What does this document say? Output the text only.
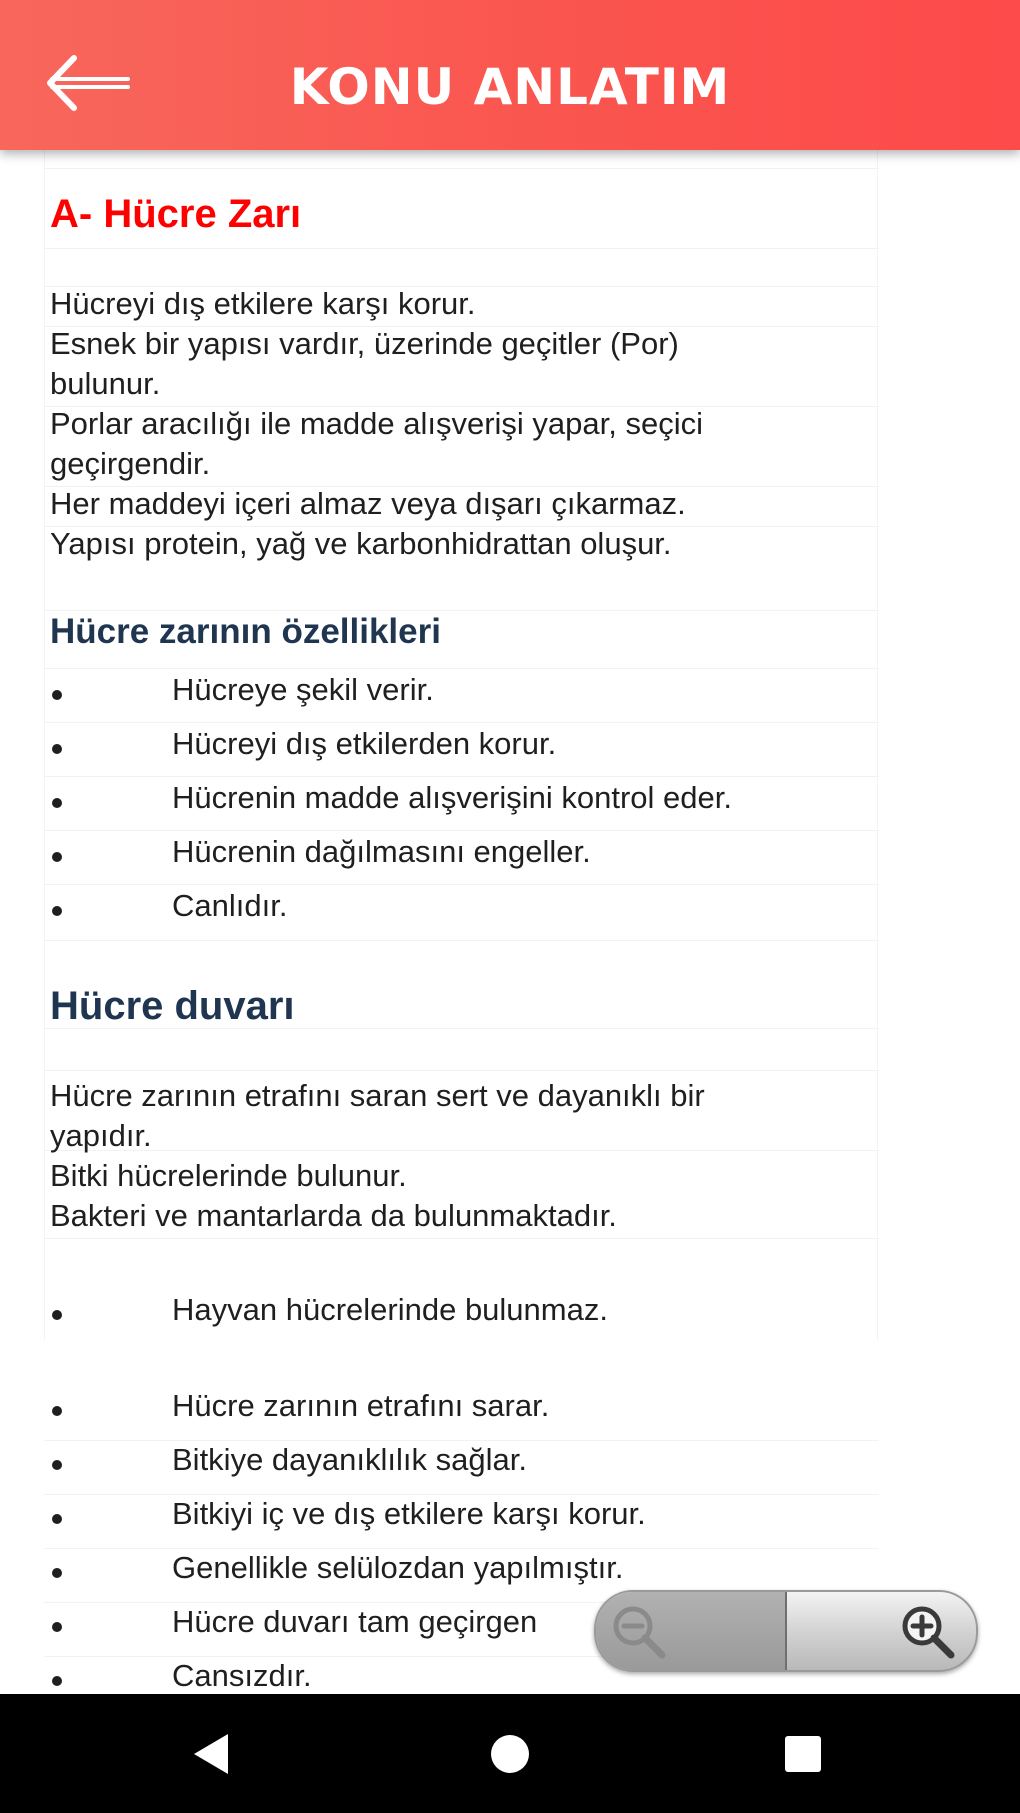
KONU ANLATIM
A- Hücre Zarı
Hücreyi dış etkilere karşı korur.
Esnek bir yapısı vardır, üzerinde geçitler (Por)
bulunur.
Porlar aracılığı ile madde alışverişi yapar, seçici
geçirgendir.
Her maddeyi içeri almaz veya dışarı çıkarmaz.
Yapısı protein, yağ ve karbonhidrattan oluşur.
Hücre zarının özellikleri
Hücreye şekil verir.
Hücreyi dış etkilerden korur.
Hücrenin madde alışverişini kontrol eder.
Hücrenin dağılmasını engeller.
Canlıdır.
Hücre duvarı
Hücre zarının etrafını saran sert ve dayanıklı bir
yapıdır.
Bitki hücrelerinde bulunur.
Bakteri ve mantarlarda da bulunmaktadır.
Hayvan hücrelerinde bulunmaz.
Hücre zarının etrafını sarar.
Bitkiye dayanıklılık sağlar.
Bitkiyi iç ve dış etkilere karşı korur.
Genellikle selülozdan yapılmıştır.
Hücre duvarı tam geçirgen
Cansızdır.
